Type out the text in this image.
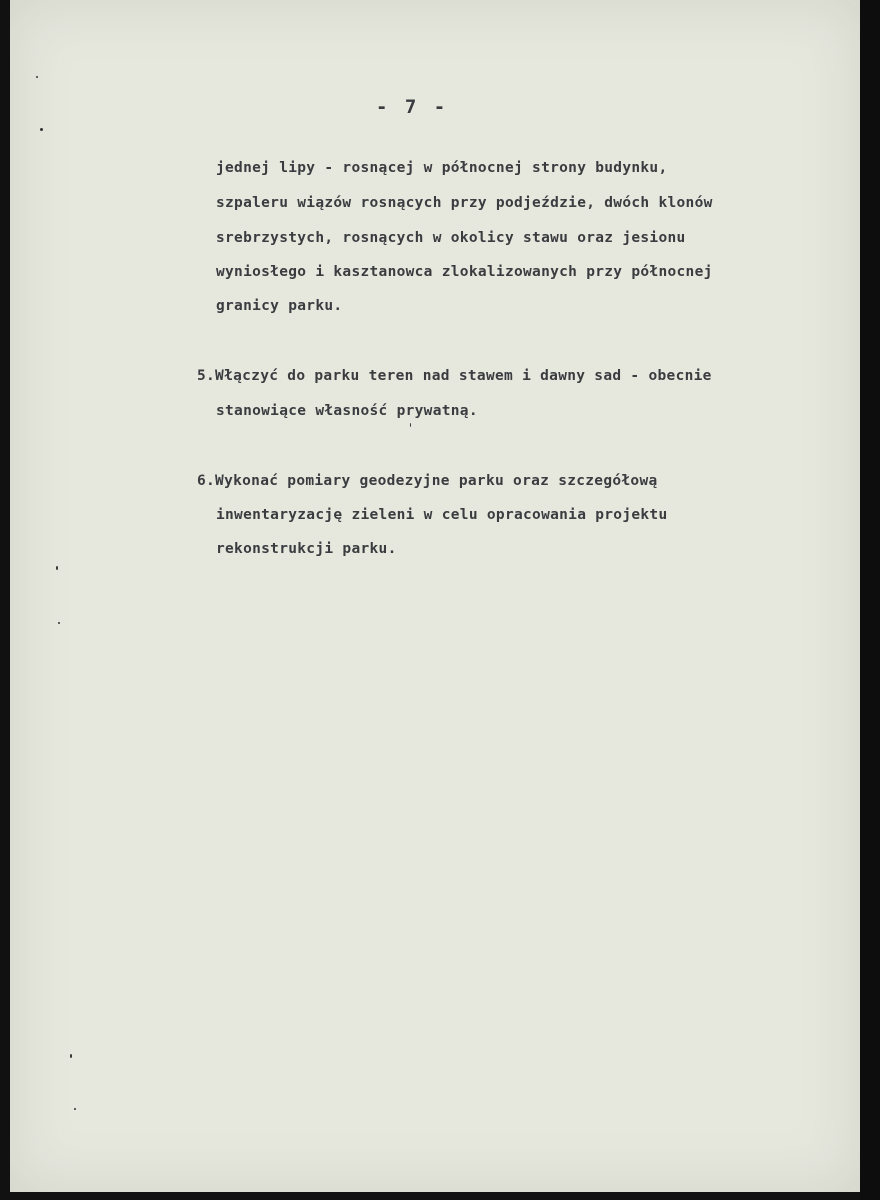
- 7 -
jednej lipy - rosnącej w północnej strony budynku,
szpaleru wiązów rosnących przy podjeździe, dwóch klonów
srebrzystych, rosnących w okolicy stawu oraz jesionu
wyniosłego i kasztanowca zlokalizowanych przy północnej
granicy parku.
5.Włączyć do parku teren nad stawem i dawny sad - obecnie
stanowiące własność prywatną.
6.Wykonać pomiary geodezyjne parku oraz szczegółową
inwentaryzację zieleni w celu opracowania projektu
rekonstrukcji parku.
